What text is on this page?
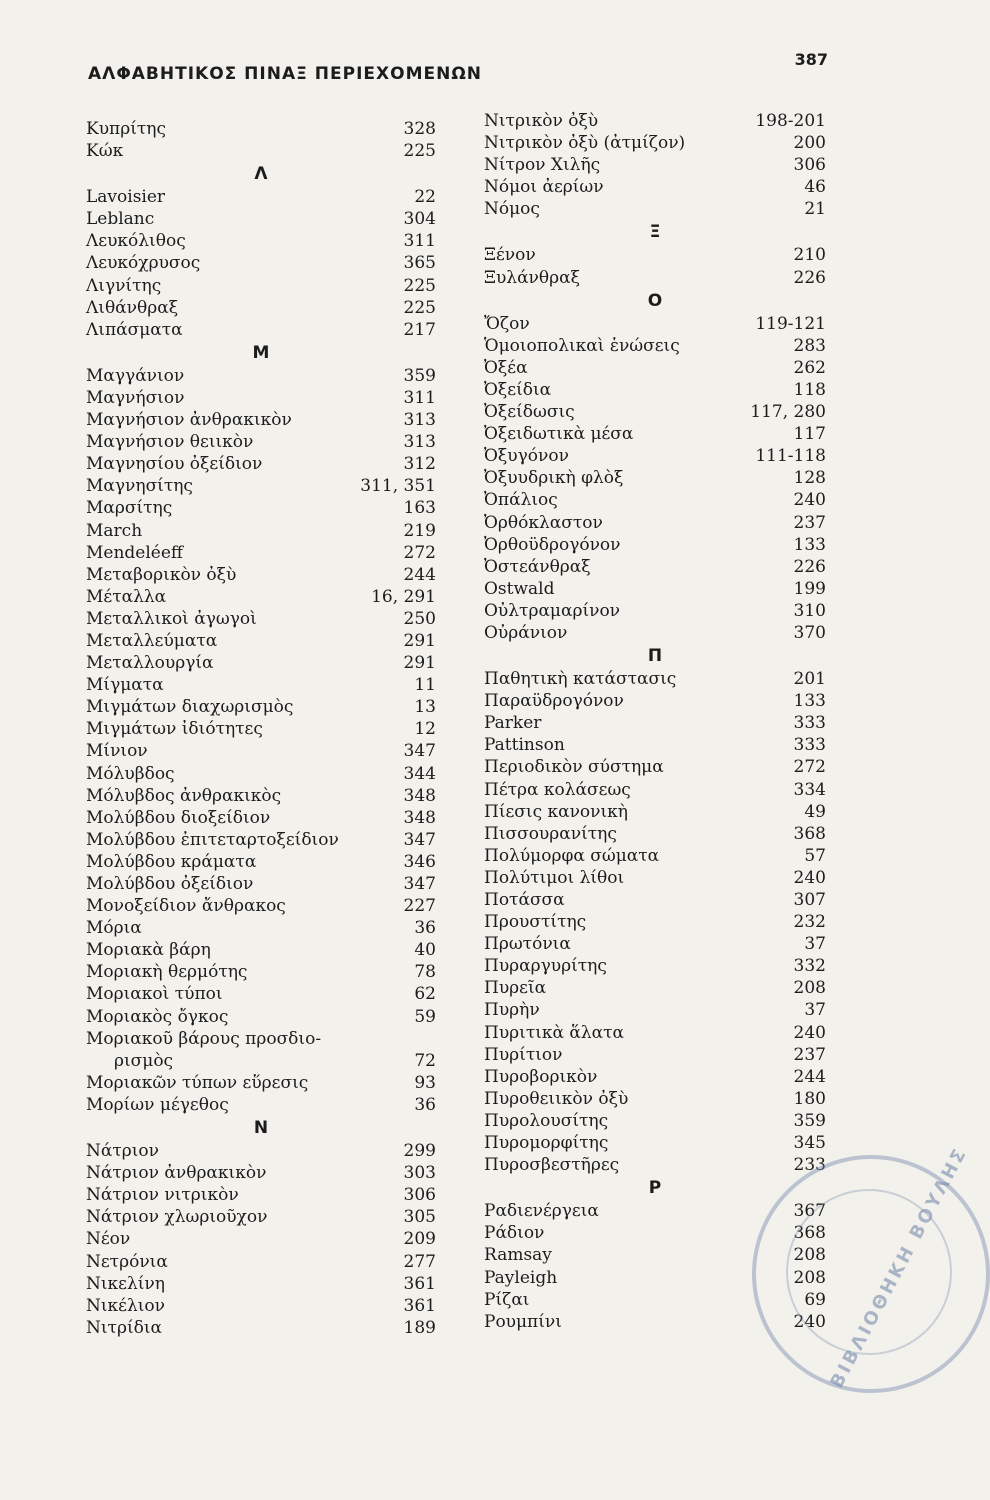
ΑΛΦΑΒΗΤΙΚΟΣ ΠΙΝΑΞ ΠΕΡΙΕΧΟΜΕΝΩΝ
387
Κυπρίτης	328
Κώκ	225
Λ
Lavoisier	22
Leblanc	304
Λευκόλιθος	311
Λευκόχρυσος	365
Λιγνίτης	225
Λιθάνθραξ	225
Λιπάσματα	217
Μ
Μαγγάνιον	359
Μαγνήσιον	311
Μαγνήσιον ἀνθρακικὸν	313
Μαγνήσιον θειικὸν	313
Μαγνησίου ὀξείδιον	312
Μαγνησίτης	311, 351
Μαρσίτης	163
March	219
Mendeléeff	272
Μεταβορικὸν ὀξὺ	244
Μέταλλα	16, 291
Μεταλλικοὶ ἀγωγοὶ	250
Μεταλλεύματα	291
Μεταλλουργία	291
Μίγματα	11
Μιγμάτων διαχωρισμὸς	13
Μιγμάτων ἰδιότητες	12
Μίνιον	347
Μόλυβδος	344
Μόλυβδος ἀνθρακικὸς	348
Μολύβδου διοξείδιον	348
Μολύβδου ἐπιτεταρτοξείδιον	347
Μολύβδου κράματα	346
Μολύβδου ὀξείδιον	347
Μονοξείδιον ἄνθρακος	227
Μόρια	36
Μοριακὰ βάρη	40
Μοριακὴ θερμότης	78
Μοριακοὶ τύποι	62
Μοριακὸς ὄγκος	59
Μοριακοῦ βάρους προσδιο-
ρισμὸς	72
Μοριακῶν τύπων εὕρεσις	93
Μορίων μέγεθος	36
Ν
Νάτριον	299
Νάτριον ἀνθρακικὸν	303
Νάτριον νιτρικὸν	306
Νάτριον χλωριοῦχον	305
Νέον	209
Νετρόνια	277
Νικελίνη	361
Νικέλιον	361
Νιτρίδια	189
Νιτρικὸν ὀξὺ	198-201
Νιτρικὸν ὀξὺ (ἀτμίζον)	200
Νίτρον Χιλῆς	306
Νόμοι ἀερίων	46
Νόμος	21
Ξ
Ξένον	210
Ξυλάνθραξ	226
Ο
Ὄζον	119-121
Ὁμοιοπολικαὶ ἑνώσεις	283
Ὀξέα	262
Ὀξείδια	118
Ὀξείδωσις	117, 280
Ὀξειδωτικὰ μέσα	117
Ὀξυγόνον	111-118
Ὀξυυδρικὴ φλὸξ	128
Ὀπάλιος	240
Ὀρθόκλαστον	237
Ὀρθοϋδρογόνον	133
Ὀστεάνθραξ	226
Ostwald	199
Οὐλτραμαρίνον	310
Οὐράνιον	370
Π
Παθητικὴ κατάστασις	201
Παραϋδρογόνον	133
Parker	333
Pattinson	333
Περιοδικὸν σύστημα	272
Πέτρα κολάσεως	334
Πίεσις κανονικὴ	49
Πισσουρανίτης	368
Πολύμορφα σώματα	57
Πολύτιμοι λίθοι	240
Ποτάσσα	307
Προυστίτης	232
Πρωτόνια	37
Πυραργυρίτης	332
Πυρεῖα	208
Πυρὴν	37
Πυριτικὰ ἅλατα	240
Πυρίτιον	237
Πυροβορικὸν	244
Πυροθειικὸν ὀξὺ	180
Πυρολουσίτης	359
Πυρομορφίτης	345
Πυροσβεστῆρες	233
Ρ
Ραδιενέργεια	367
Ράδιον	368
Ramsay	208
Payleigh	208
Ρίζαι	69
Ρουμπίνι	240 ΒΙΒΛΙΟΘΗΚΗ ΒΟΥΛΗΣ
